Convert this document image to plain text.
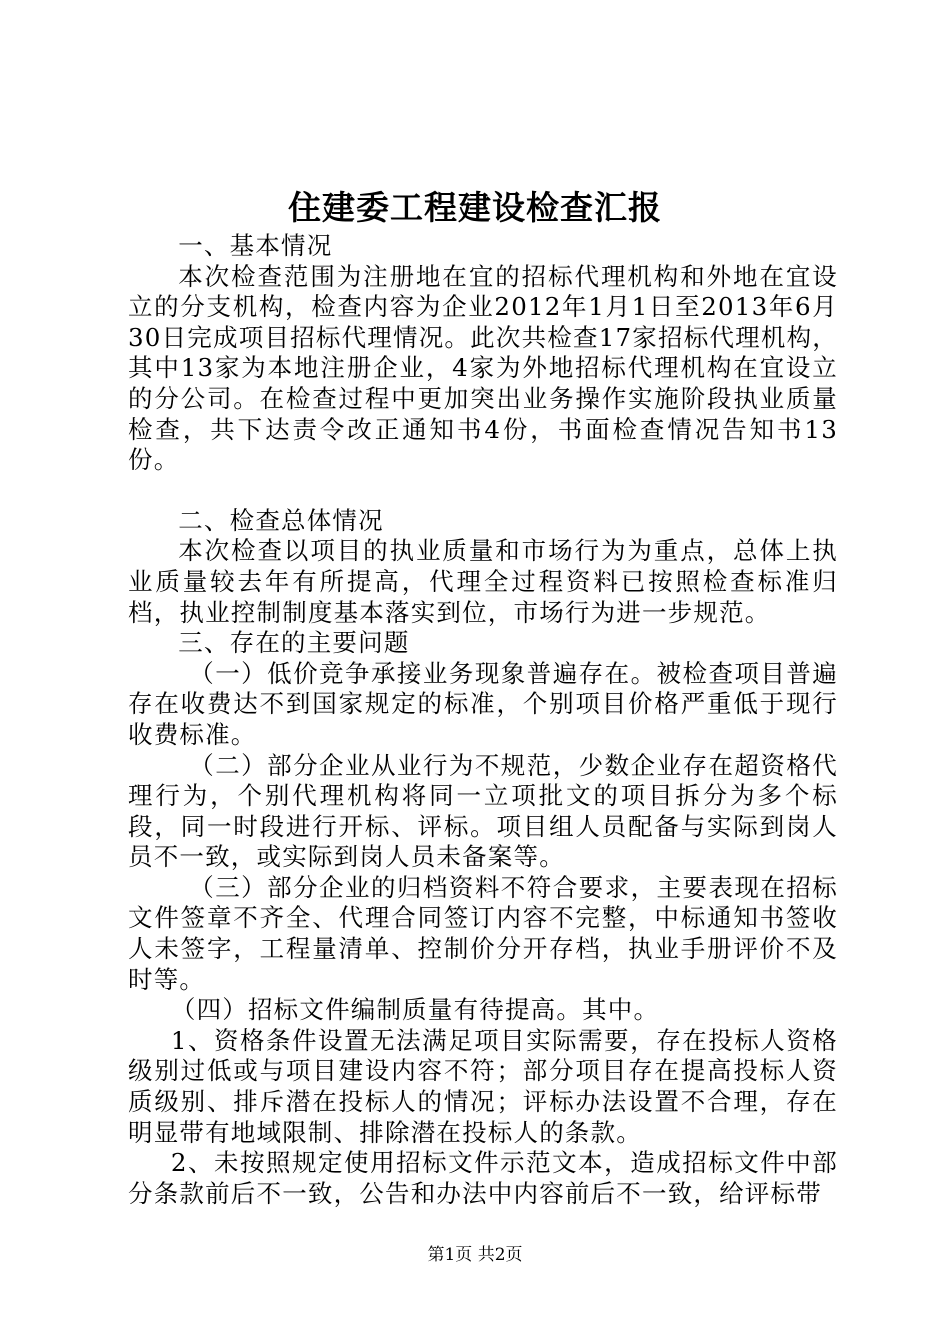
住建委工程建设检查汇报

一、基本情况

本次检查范围为注册地在宜的招标代理机构和外地在宜设立的分支机构，检查内容为企业2012年1月1日至2013年6月30日完成项目招标代理情况。此次共检查17家招标代理机构，其中13家为本地注册企业，4家为外地招标代理机构在宜设立的分公司。在检查过程中更加突出业务操作实施阶段执业质量检查，共下达责令改正通知书4份，书面检查情况告知书13份。

二、检查总体情况

本次检查以项目的执业质量和市场行为为重点，总体上执业质量较去年有所提高，代理全过程资料已按照检查标准归档，执业控制制度基本落实到位，市场行为进一步规范。

三、存在的主要问题

（一）低价竞争承接业务现象普遍存在。被检查项目普遍存在收费达不到国家规定的标准，个别项目价格严重低于现行收费标准。

（二）部分企业从业行为不规范，少数企业存在超资格代理行为，个别代理机构将同一立项批文的项目拆分为多个标段，同一时段进行开标、评标。项目组人员配备与实际到岗人员不一致，或实际到岗人员未备案等。

（三）部分企业的归档资料不符合要求，主要表现在招标文件签章不齐全、代理合同签订内容不完整，中标通知书签收人未签字，工程量清单、控制价分开存档，执业手册评价不及时等。

（四）招标文件编制质量有待提高。其中。

1、资格条件设置无法满足项目实际需要，存在投标人资格级别过低或与项目建设内容不符；部分项目存在提高投标人资质级别、排斥潜在投标人的情况；评标办法设置不合理，存在明显带有地域限制、排除潜在投标人的条款。

2、未按照规定使用招标文件示范文本，造成招标文件中部分条款前后不一致，公告和办法中内容前后不一致，给评标带

第1页 共2页
